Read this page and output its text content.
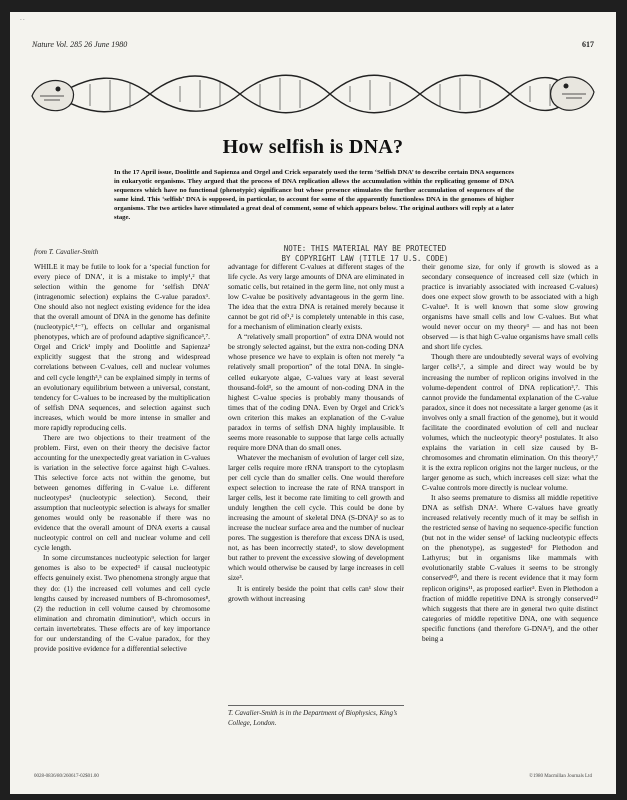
- -
Nature Vol. 285 26 June 1980	617
How selfish is DNA?
In the 17 April issue, Doolittle and Sapienza and Orgel and Crick separately used the term ‘Selfish DNA’ to describe certain DNA sequences in eukaryotic organisms. They argued that the process of DNA replication allows the accumulation within the replicating genome of DNA sequences which have no functional (phenotypic) significance but whose presence stimulates the further accumulation of sequences of the same kind. This ‘selfish’ DNA is supposed, in particular, to account for some of the apparently functionless DNA in the genomes of higher organisms. The two articles have stimulated a great deal of comment, some of which appears below. The original authors will reply at a later stage.
from T. Cavalier-Smith	NOTE: THIS MATERIAL MAY BE PROTECTED
BY COPYRIGHT LAW (TITLE 17 U.S. CODE)

WHILE it may be futile to look for a ‘special function for every piece of DNA’, it is a mistake to imply¹,² that selection within the genome for ‘selfish DNA’ (intragenomic selection) explains the C-value paradox¹. One should also not neglect existing evidence for the idea that the overall amount of DNA in the genome has definite (nucleotypic³,⁴⁻⁷), effects on cellular and organismal phenotypes, which are of profound adaptive significance³,⁷. Orgel and Crick¹ imply and Doolittle and Sapienza² explicitly suggest that the strong and widespread correlations between C-values, cell and nuclear volumes and cell cycle length³,⁵ can be explained simply in terms of an evolutionary equilibrium between a universal, constant, tendency for C-values to be increased by the multiplication of selfish DNA sequences, and selection against such increases, which would be more intense in smaller and more rapidly reproducing cells.

There are two objections to their treatment of the problem. First, even on their theory the decisive factor accounting for the unexpectedly great variation in C-values is variation in the selective force against high C-values. This selective force acts not within the genome, but between genomes differing in C-value i.e. different nucleotypes³ (nucleotypic selection). Second, their assumption that nucleotypic selection is always for smaller genomes would only be reasonable if there was no evidence that the overall amount of DNA exerts a causal nucleotypic control on cell and nuclear volume and cell cycle length.

In some circumstances nucleotypic selection for larger genomes is also to be expected³ if causal nucleotypic effects genuinely exist. Two phenomena strongly argue that they do: (1) the increased cell volumes and cell cycle lengths caused by increased numbers of B-chromosomes⁸, (2) the reduction in cell volume caused by chromosome elimination and chromatin diminution⁹, which occurs in certain invertebrates. These effects are of key importance for our understanding of the C-value paradox, for they provide positive evidence for a differential selective

advantage for different C-values at different stages of the life cycle. As very large amounts of DNA are eliminated in somatic cells, but retained in the germ line, not only must a low C-value be positively advantageous in the germ line. The idea that the extra DNA is retained merely because it cannot be got rid of¹,² is completely untenable in this case, for a mechanism of elimination clearly exists.

A “relatively small proportion” of extra DNA would not be strongly selected against, but the extra non-coding DNA whose presence we have to explain is often not merely “a relatively small proportion” of the total DNA. In single-celled eukaryote algae, C-values vary at least several thousand-fold³, so the amount of non-coding DNA in the highest C-value species is probably many thousands of times that of the coding DNA. Even by Orgel and Crick’s own criterion this makes an explanation of the C-value paradox in terms of selfish DNA highly implausible. It seems more reasonable to suppose that large cells actually require more DNA than do small ones.

Whatever the mechanism of evolution of larger cell size, larger cells require more rRNA transport to the cytoplasm per cell cycle than do smaller cells. One would therefore expect selection to increase the rate of RNA transport in larger cells, lest it become rate limiting to cell growth and unduly lengthen the cell cycle. This could be done by increasing the amount of skeletal DNA (S-DNA)³ so as to increase the nuclear surface area and the number of nuclear pores. The suggestion is therefore that excess DNA is used, not, as has been incorrectly stated¹, to slow development but rather to prevent the excessive slowing of development which would otherwise be caused by large increases in cell size³.

It is entirely beside the point that cells can¹ slow their growth without increasing

T. Cavalier-Smith is in the Department of Biophysics, King’s College, London.

their genome size, for only if growth is slowed as a secondary consequence of increased cell size (which in practice is invariably associated with increased C-values) does one expect slow growth to be associated with a high C-value³. It is well known that some slow growing organisms have small cells and low C-values. But what would never occur on my theory³ — and has not been observed — is that high C-value organisms have small cells and short life cycles.

Though there are undoubtedly several ways of evolving larger cells³,⁷, a simple and direct way would be by increasing the number of replicon origins involved in the volume-dependent control of DNA replication³,⁷. This cannot provide the fundamental explanation of the C-value paradox, since it does not necessitate a larger genome (as it involves only a small fraction of the genome), but it would facilitate the coordinated evolution of cell and nuclear volumes, which the nucleotypic theory³ postulates. It also explains the variation in cell size caused by B-chromosomes and chromatin elimination. On this theory³,⁷ it is the extra replicon origins not the larger nucleus, or the larger genome as such, which increases cell size: what the C-value controls more directly is nuclear volume.

It also seems premature to dismiss all middle repetitive DNA as selfish DNA². Where C-values have greatly increased relatively recently much of it may be selfish in the restricted sense of having no sequence-specific function (but not in the wider sense¹ of lacking nucleotypic effects on the phenotype), as suggested³ for Plethodon and Lathyrus; but in organisms like mammals with evolutionarily stable C-values it seems to be strongly conserved¹⁰, and there is recent evidence that it may form replicon origins¹¹, as proposed earlier³. Even in Plethodon a fraction of middle repetitive DNA is strongly conserved¹² which suggests that there are in general two quite distinct categories of middle repetitive DNA, one with sequence specific functions (and therefore G-DNA³), and the other being a

0028-0836/80/260617-02$01.00	©1980 Macmillan Journals Ltd
